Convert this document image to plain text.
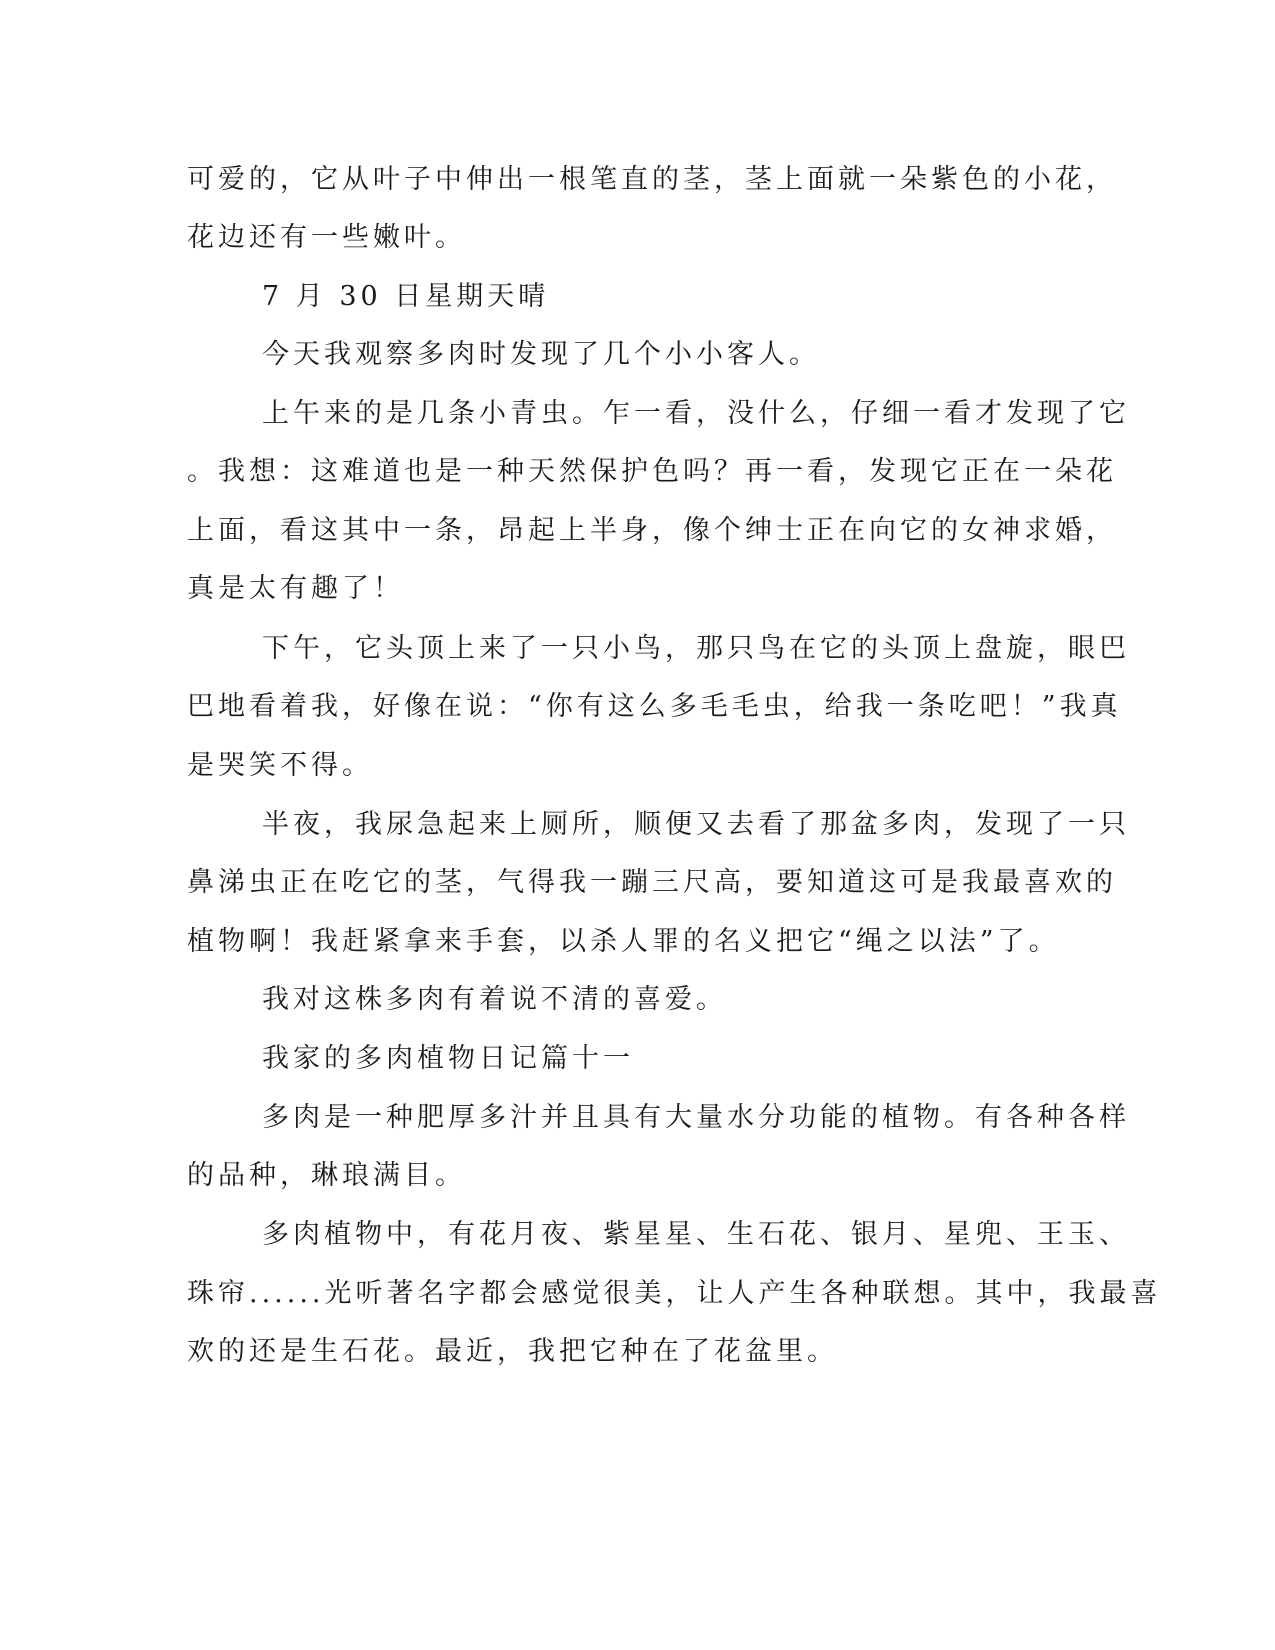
可爱的，它从叶子中伸出一根笔直的茎，茎上面就一朵紫色的小花，

花边还有一些嫩叶。

7 月 30 日星期天晴

今天我观察多肉时发现了几个小小客人。

上午来的是几条小青虫。乍一看，没什么，仔细一看才发现了它

。我想：这难道也是一种天然保护色吗？再一看，发现它正在一朵花

上面，看这其中一条，昂起上半身，像个绅士正在向它的女神求婚，

真是太有趣了！

下午，它头顶上来了一只小鸟，那只鸟在它的头顶上盘旋，眼巴

巴地看着我，好像在说：“你有这么多毛毛虫，给我一条吃吧！”我真

是哭笑不得。

半夜，我尿急起来上厕所，顺便又去看了那盆多肉，发现了一只

鼻涕虫正在吃它的茎，气得我一蹦三尺高，要知道这可是我最喜欢的

植物啊！我赶紧拿来手套，以杀人罪的名义把它“绳之以法”了。

我对这株多肉有着说不清的喜爱。

我家的多肉植物日记篇十一

多肉是一种肥厚多汁并且具有大量水分功能的植物。有各种各样

的品种，琳琅满目。

多肉植物中，有花月夜、紫星星、生石花、银月、星兜、王玉、

珠帘......光听著名字都会感觉很美，让人产生各种联想。其中，我最喜

欢的还是生石花。最近，我把它种在了花盆里。
